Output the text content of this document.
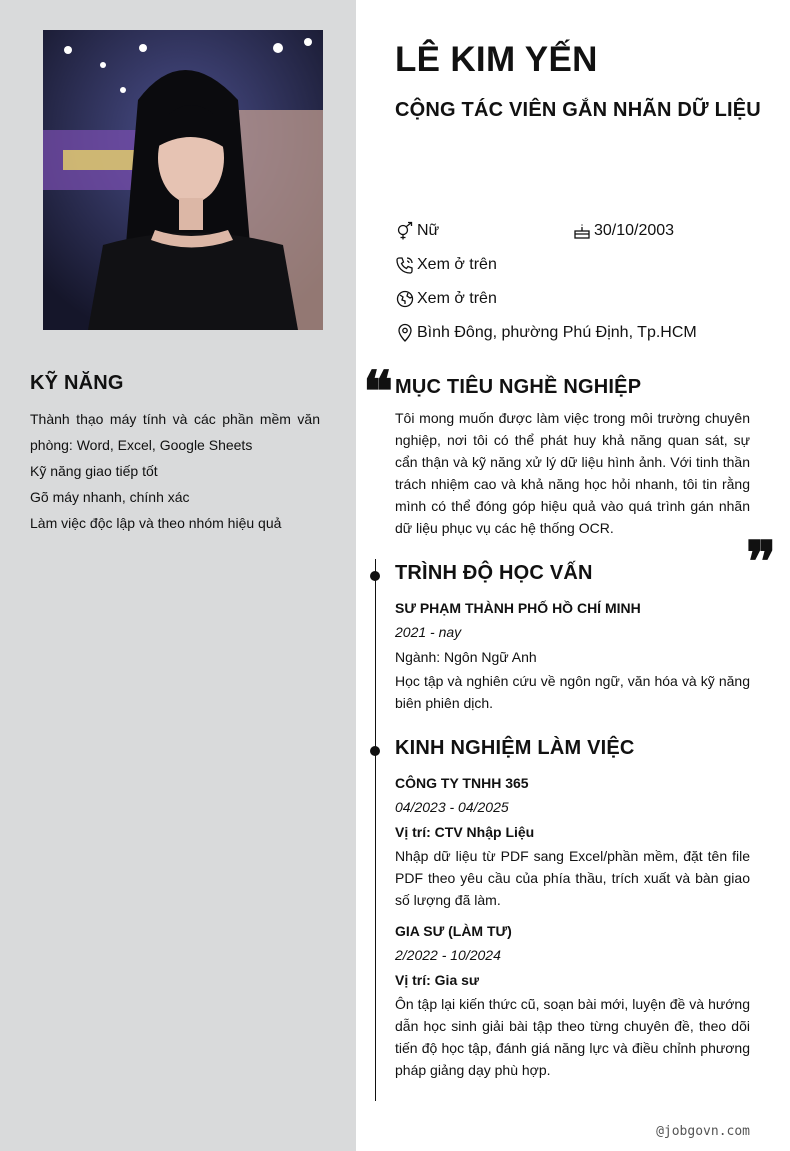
KỸ NĂNG

Thành thạo máy tính và các phần mềm văn phòng: Word, Excel, Google Sheets

Kỹ năng giao tiếp tốt

Gõ máy nhanh, chính xác

Làm việc độc lập và theo nhóm hiệu quả

LÊ KIM YẾN
CỘNG TÁC VIÊN GẮN NHÃN DỮ LIỆU
Nữ	30/10/2003
Xem ở trên
Xem ở trên
Bình Đông, phường Phú Định, Tp.HCM
❝ MỤC TIÊU NGHỀ NGHIỆP
Tôi mong muốn được làm việc trong môi trường chuyên nghiệp, nơi tôi có thể phát huy khả năng quan sát, sự cẩn thận và kỹ năng xử lý dữ liệu hình ảnh. Với tinh thần trách nhiệm cao và khả năng học hỏi nhanh, tôi tin rằng mình có thể đóng góp hiệu quả vào quá trình gán nhãn dữ liệu phục vụ các hệ thống OCR.
❞
TRÌNH ĐỘ HỌC VẤN
SƯ PHẠM THÀNH PHỐ HỒ CHÍ MINH
2021 - nay
Ngành: Ngôn Ngữ Anh
Học tập và nghiên cứu về ngôn ngữ, văn hóa và kỹ năng biên phiên dịch.
KINH NGHIỆM LÀM VIỆC
CÔNG TY TNHH 365
04/2023 - 04/2025
Vị trí: CTV Nhập Liệu
Nhập dữ liệu từ PDF sang Excel/phần mềm, đặt tên file PDF theo yêu cầu của phía thầu, trích xuất và bàn giao số lượng đã làm.
GIA SƯ (LÀM TƯ)
2/2022 - 10/2024
Vị trí: Gia sư
Ôn tập lại kiến thức cũ, soạn bài mới, luyện đề và hướng dẫn học sinh giải bài tập theo từng chuyên đề, theo dõi tiến độ học tập, đánh giá năng lực và điều chỉnh phương pháp giảng dạy phù hợp.
@jobgovn.com
